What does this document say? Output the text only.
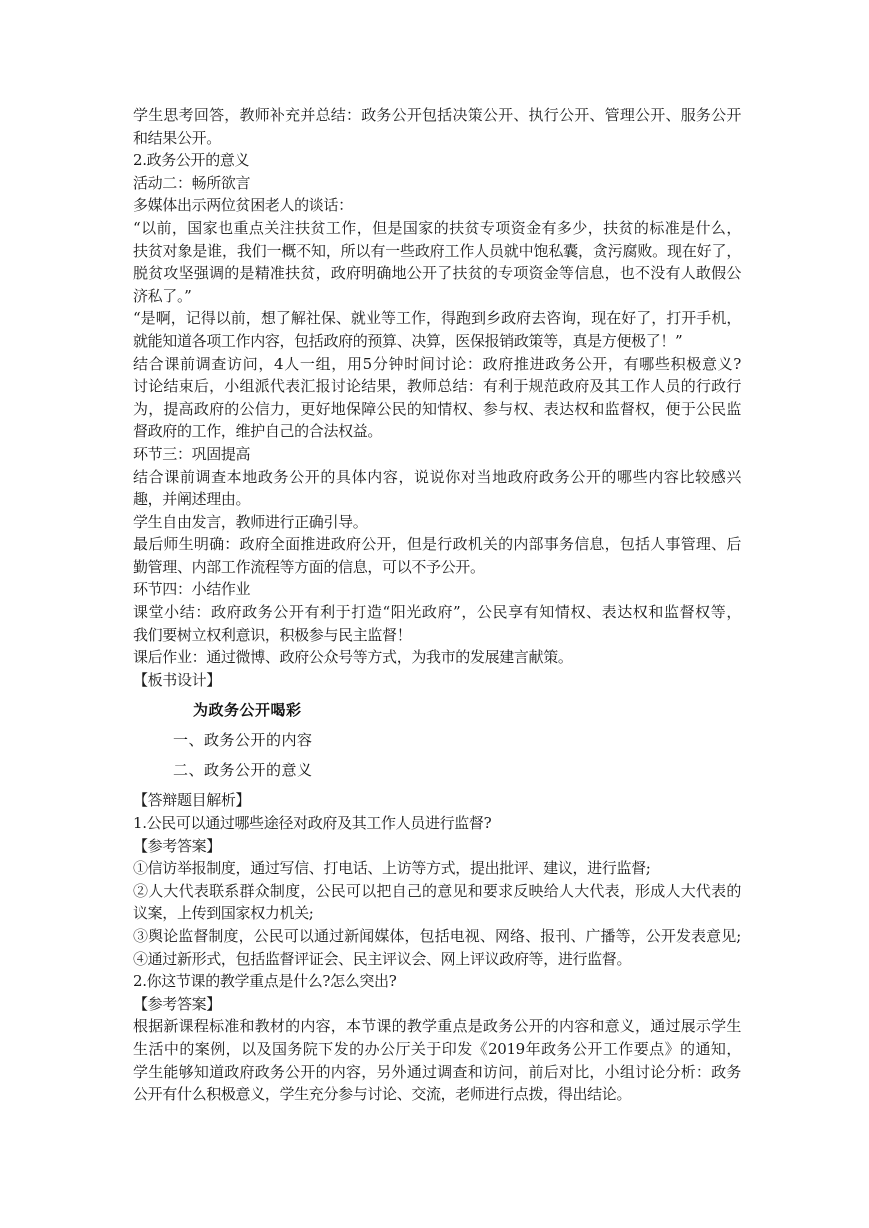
学生思考回答，教师补充并总结：政务公开包括决策公开、执行公开、管理公开、服务公开
和结果公开。
2.政务公开的意义
活动二：畅所欲言
多媒体出示两位贫困老人的谈话：
“以前，国家也重点关注扶贫工作，但是国家的扶贫专项资金有多少，扶贫的标准是什么，
扶贫对象是谁，我们一概不知，所以有一些政府工作人员就中饱私囊，贪污腐败。现在好了，
脱贫攻坚强调的是精准扶贫，政府明确地公开了扶贫的专项资金等信息，也不没有人敢假公
济私了。”
“是啊，记得以前，想了解社保、就业等工作，得跑到乡政府去咨询，现在好了，打开手机，
就能知道各项工作内容，包括政府的预算、决算，医保报销政策等，真是方便极了！”
结合课前调查访问，4人一组，用5分钟时间讨论：政府推进政务公开，有哪些积极意义?
讨论结束后，小组派代表汇报讨论结果，教师总结：有利于规范政府及其工作人员的行政行
为，提高政府的公信力，更好地保障公民的知情权、参与权、表达权和监督权，便于公民监
督政府的工作，维护自己的合法权益。
环节三：巩固提高
结合课前调查本地政务公开的具体内容，说说你对当地政府政务公开的哪些内容比较感兴
趣，并阐述理由。
学生自由发言，教师进行正确引导。
最后师生明确：政府全面推进政府公开，但是行政机关的内部事务信息，包括人事管理、后
勤管理、内部工作流程等方面的信息，可以不予公开。
环节四：小结作业
课堂小结：政府政务公开有利于打造“阳光政府”，公民享有知情权、表达权和监督权等，
我们要树立权利意识，积极参与民主监督！
课后作业：通过微博、政府公众号等方式，为我市的发展建言献策。
【板书设计】
为政务公开喝彩
一、政务公开的内容
二、政务公开的意义
【答辩题目解析】
1.公民可以通过哪些途径对政府及其工作人员进行监督?
【参考答案】
①信访举报制度，通过写信、打电话、上访等方式，提出批评、建议，进行监督;
②人大代表联系群众制度，公民可以把自己的意见和要求反映给人大代表，形成人大代表的
议案，上传到国家权力机关;
③舆论监督制度，公民可以通过新闻媒体，包括电视、网络、报刊、广播等，公开发表意见;
④通过新形式，包括监督评证会、民主评议会、网上评议政府等，进行监督。
2.你这节课的教学重点是什么?怎么突出?
【参考答案】
根据新课程标准和教材的内容，本节课的教学重点是政务公开的内容和意义，通过展示学生
生活中的案例，以及国务院下发的办公厅关于印发《2019年政务公开工作要点》的通知，
学生能够知道政府政务公开的内容，另外通过调查和访问，前后对比，小组讨论分析：政务
公开有什么积极意义，学生充分参与讨论、交流，老师进行点拨，得出结论。
